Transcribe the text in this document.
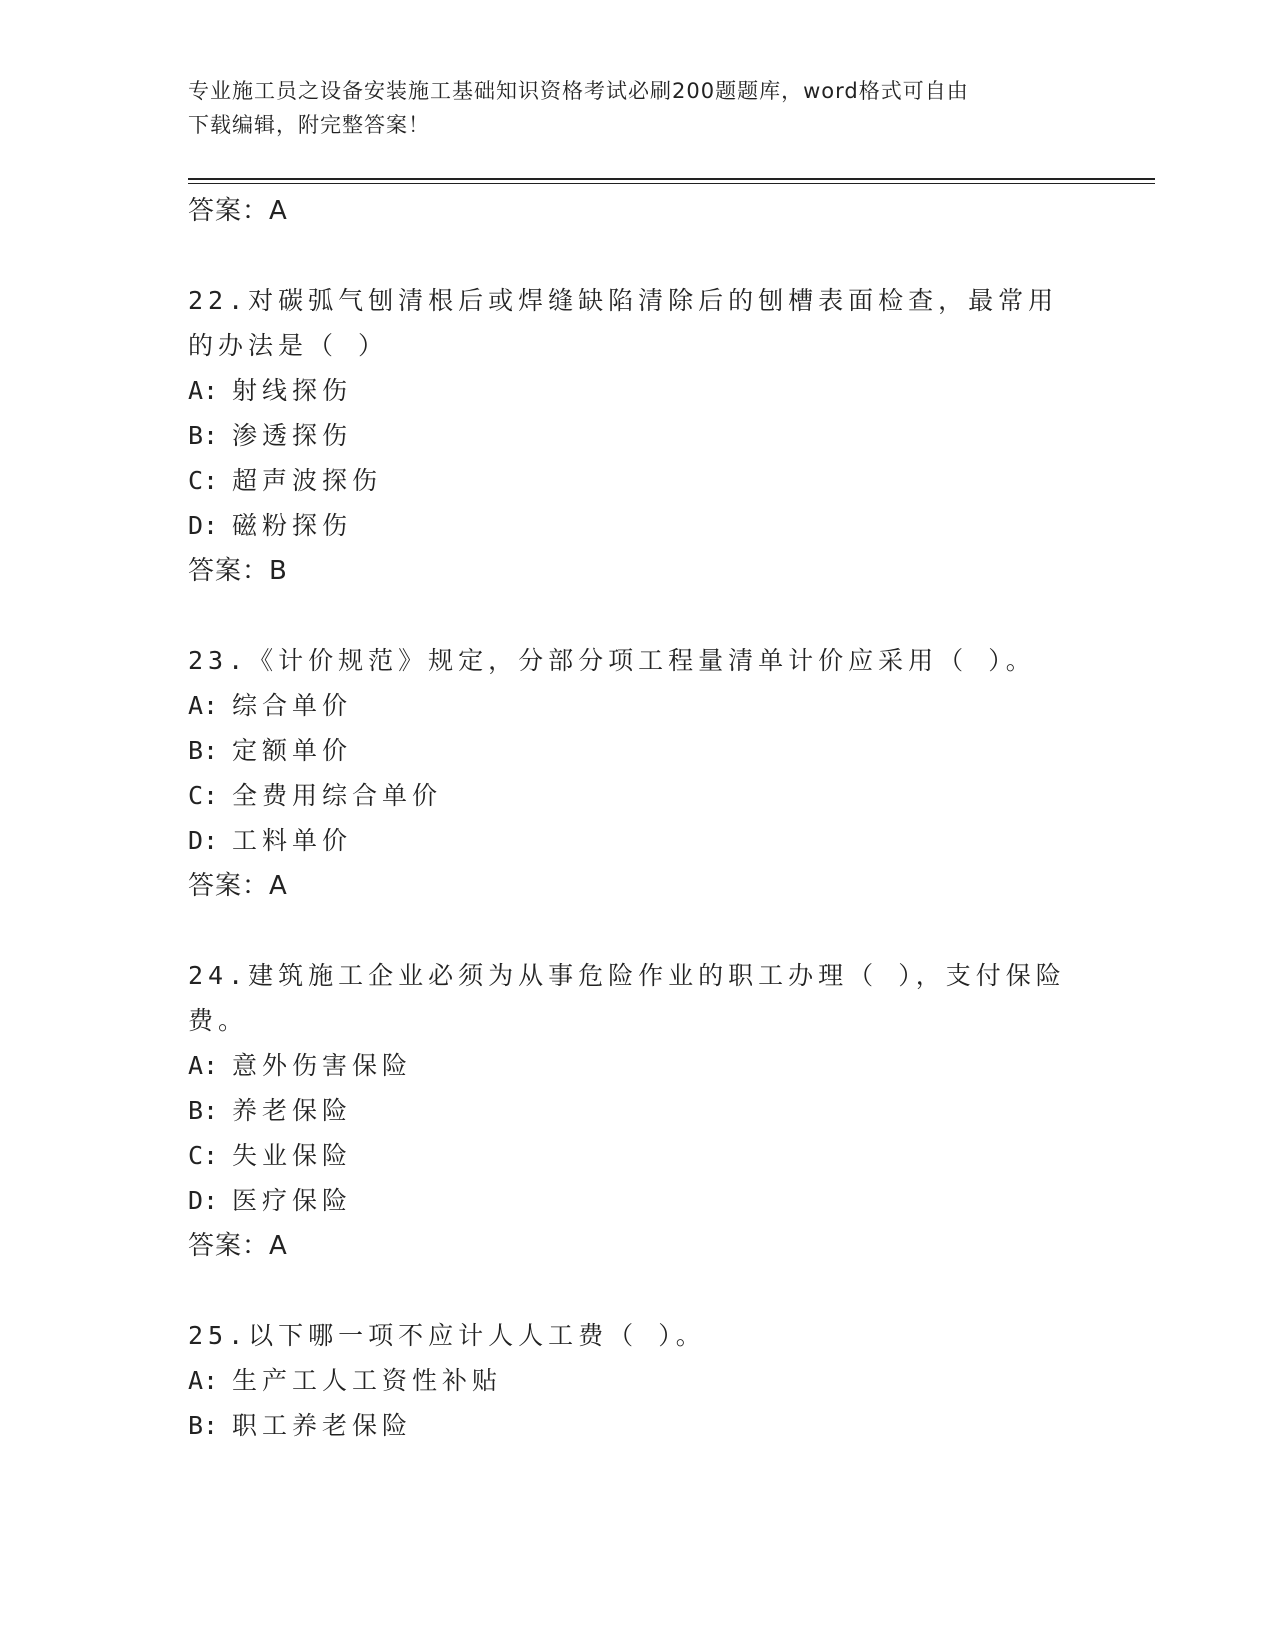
专业施工员之设备安装施工基础知识资格考试必刷200题题库，word格式可自由
下载编辑，附完整答案！
答案：A
22.对碳弧气刨清根后或焊缝缺陷清除后的刨槽表面检查，最常用的办法是（ ）
A: 射线探伤
B: 渗透探伤
C: 超声波探伤
D: 磁粉探伤
答案：B
23.《计价规范》规定，分部分项工程量清单计价应采用（ ）。
A: 综合单价
B: 定额单价
C: 全费用综合单价
D: 工料单价
答案：A
24.建筑施工企业必须为从事危险作业的职工办理（ ），支付保险费。
A: 意外伤害保险
B: 养老保险
C: 失业保险
D: 医疗保险
答案：A
25.以下哪一项不应计人人工费（ ）。
A: 生产工人工资性补贴
B: 职工养老保险
